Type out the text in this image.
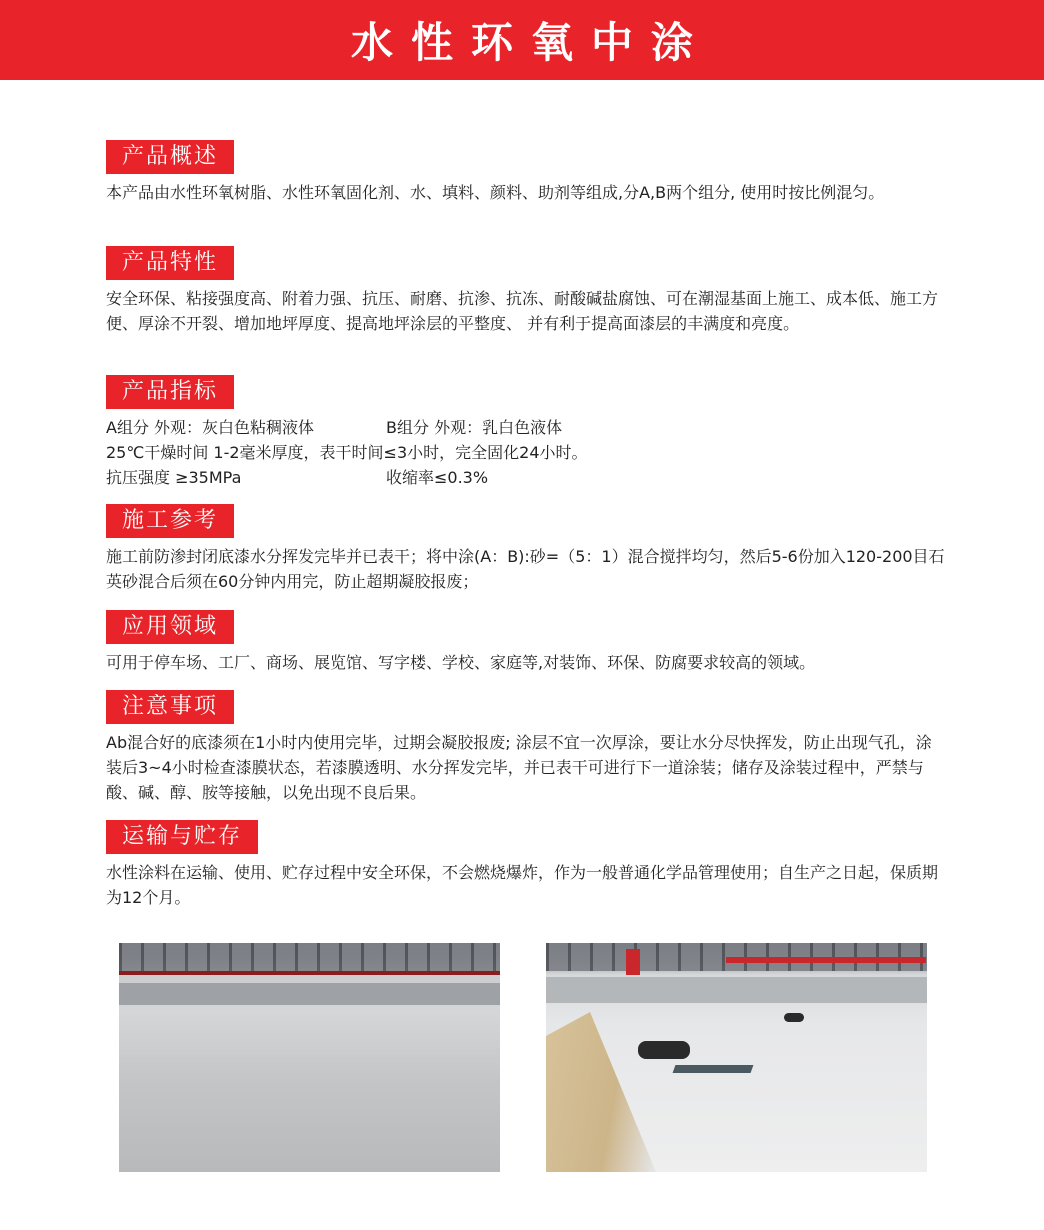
水性环氧中涂
产品概述
本产品由水性环氧树脂、水性环氧固化剂、水、填料、颜料、助剂等组成,分A,B两个组分, 使用时按比例混匀。
产品特性
安全环保、粘接强度高、附着力强、抗压、耐磨、抗渗、抗冻、耐酸碱盐腐蚀、可在潮湿基面上施工、成本低、施工方便、厚涂不开裂、增加地坪厚度、提高地坪涂层的平整度、 并有利于提高面漆层的丰满度和亮度。
产品指标
A组分 外观：灰白色粘稠液体	B组分 外观：乳白色液体
25℃干燥时间 1-2毫米厚度，表干时间≤3小时，完全固化24小时。
抗压强度 ≥35MPa	收缩率≤0.3%
施工参考
施工前防渗封闭底漆水分挥发完毕并已表干；将中涂(A：B):砂=（5：1）混合搅拌均匀，然后5-6份加入120-200目石英砂混合后须在60分钟内用完，防止超期凝胶报废；
应用领域
可用于停车场、工厂、商场、展览馆、写字楼、学校、家庭等,对装饰、环保、防腐要求较高的领域。
注意事项
Ab混合好的底漆须在1小时内使用完毕，过期会凝胶报废; 涂层不宜一次厚涂，要让水分尽快挥发，防止出现气孔，涂装后3~4小时检查漆膜状态，若漆膜透明、水分挥发完毕，并已表干可进行下一道涂装；储存及涂装过程中，严禁与酸、碱、醇、胺等接触，以免出现不良后果。
运输与贮存
水性涂料在运输、使用、贮存过程中安全环保，不会燃烧爆炸，作为一般普通化学品管理使用；自生产之日起，保质期为12个月。
